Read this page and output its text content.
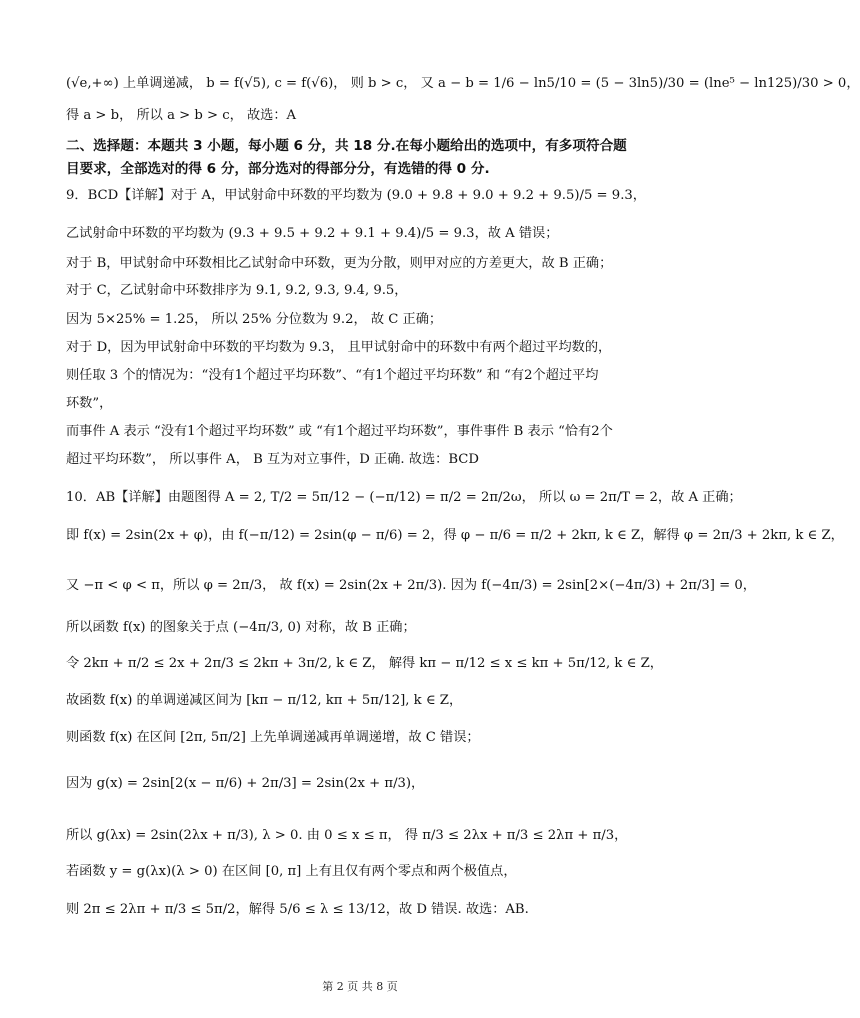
(√e,+∞) 上单调递减， b = f(√5), c = f(√6)， 则 b > c， 又 a − b = 1/6 − ln5/10 = (5 − 3ln5)/30 = (lne⁵ − ln125)/30 > 0，
得 a > b， 所以 a > b > c， 故选：A
二、选择题：本题共 3 小题，每小题 6 分，共 18 分.在每小题给出的选项中，有多项符合题
目要求，全部选对的得 6 分，部分选对的得部分分，有选错的得 0 分.
9．BCD【详解】对于 A，甲试射命中环数的平均数为 (9.0 + 9.8 + 9.0 + 9.2 + 9.5)/5 = 9.3，
乙试射命中环数的平均数为 (9.3 + 9.5 + 9.2 + 9.1 + 9.4)/5 = 9.3，故 A 错误；
对于 B，甲试射命中环数相比乙试射命中环数，更为分散，则甲对应的方差更大，故 B 正确；
对于 C，乙试射命中环数排序为 9.1, 9.2, 9.3, 9.4, 9.5，
因为 5×25% = 1.25， 所以 25% 分位数为 9.2， 故 C 正确；
对于 D，因为甲试射命中环数的平均数为 9.3， 且甲试射命中的环数中有两个超过平均数的，
则任取 3 个的情况为：“没有1个超过平均环数”、“有1个超过平均环数” 和 “有2个超过平均
环数”，
而事件 A 表示 “没有1个超过平均环数” 或 “有1个超过平均环数”，事件事件 B 表示 “恰有2个
超过平均环数”， 所以事件 A， B 互为对立事件，D 正确. 故选：BCD
10．AB【详解】由题图得 A = 2, T/2 = 5π/12 − (−π/12) = π/2 = 2π/2ω， 所以 ω = 2π/T = 2，故 A 正确；
即 f(x) = 2sin(2x + φ)，由 f(−π/12) = 2sin(φ − π/6) = 2，得 φ − π/6 = π/2 + 2kπ, k ∈ Z，解得 φ = 2π/3 + 2kπ, k ∈ Z，
又 −π < φ < π，所以 φ = 2π/3， 故 f(x) = 2sin(2x + 2π/3). 因为 f(−4π/3) = 2sin[2×(−4π/3) + 2π/3] = 0，
所以函数 f(x) 的图象关于点 (−4π/3, 0) 对称，故 B 正确；
令 2kπ + π/2 ≤ 2x + 2π/3 ≤ 2kπ + 3π/2, k ∈ Z， 解得 kπ − π/12 ≤ x ≤ kπ + 5π/12, k ∈ Z，
故函数 f(x) 的单调递减区间为 [kπ − π/12, kπ + 5π/12], k ∈ Z，
则函数 f(x) 在区间 [2π, 5π/2] 上先单调递减再单调递增，故 C 错误；
因为 g(x) = 2sin[2(x − π/6) + 2π/3] = 2sin(2x + π/3)，
所以 g(λx) = 2sin(2λx + π/3), λ > 0. 由 0 ≤ x ≤ π， 得 π/3 ≤ 2λx + π/3 ≤ 2λπ + π/3，
若函数 y = g(λx)(λ > 0) 在区间 [0, π] 上有且仅有两个零点和两个极值点，
则 2π ≤ 2λπ + π/3 ≤ 5π/2，解得 5/6 ≤ λ ≤ 13/12，故 D 错误. 故选：AB.
第 2 页 共 8 页
